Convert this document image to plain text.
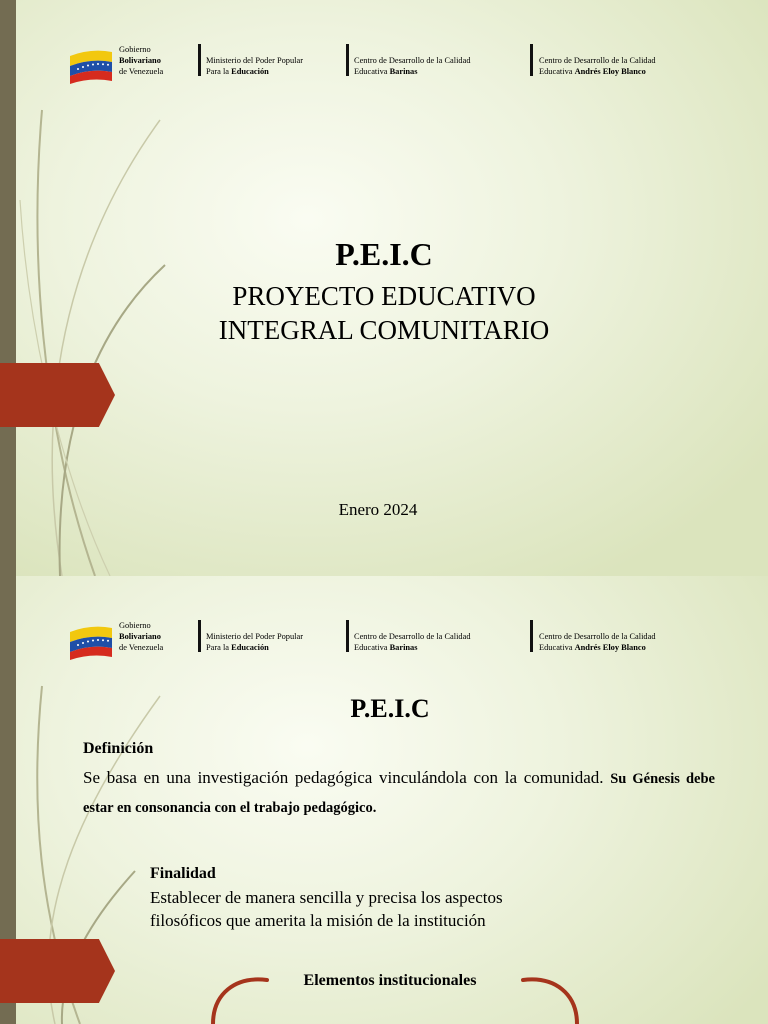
Gobierno
Bolivariano
de Venezuela
Ministerio del Poder Popular
Para la Educación
Centro de Desarrollo de la Calidad
Educativa Barinas
Centro de Desarrollo de la Calidad
Educativa Andrés Eloy Blanco
P.E.I.C
PROYECTO EDUCATIVO
INTEGRAL COMUNITARIO
Enero 2024
Gobierno
Bolivariano
de Venezuela
Ministerio del Poder Popular
Para la Educación
Centro de Desarrollo de la Calidad
Educativa Barinas
Centro de Desarrollo de la Calidad
Educativa Andrés Eloy Blanco
P.E.I.C
Definición
Se basa en una investigación pedagógica vinculándola con la comunidad. Su Génesis debe estar en consonancia con el trabajo pedagógico.
Finalidad
Establecer de manera sencilla y precisa los aspectos filosóficos que amerita la misión de la institución
Elementos institucionales
